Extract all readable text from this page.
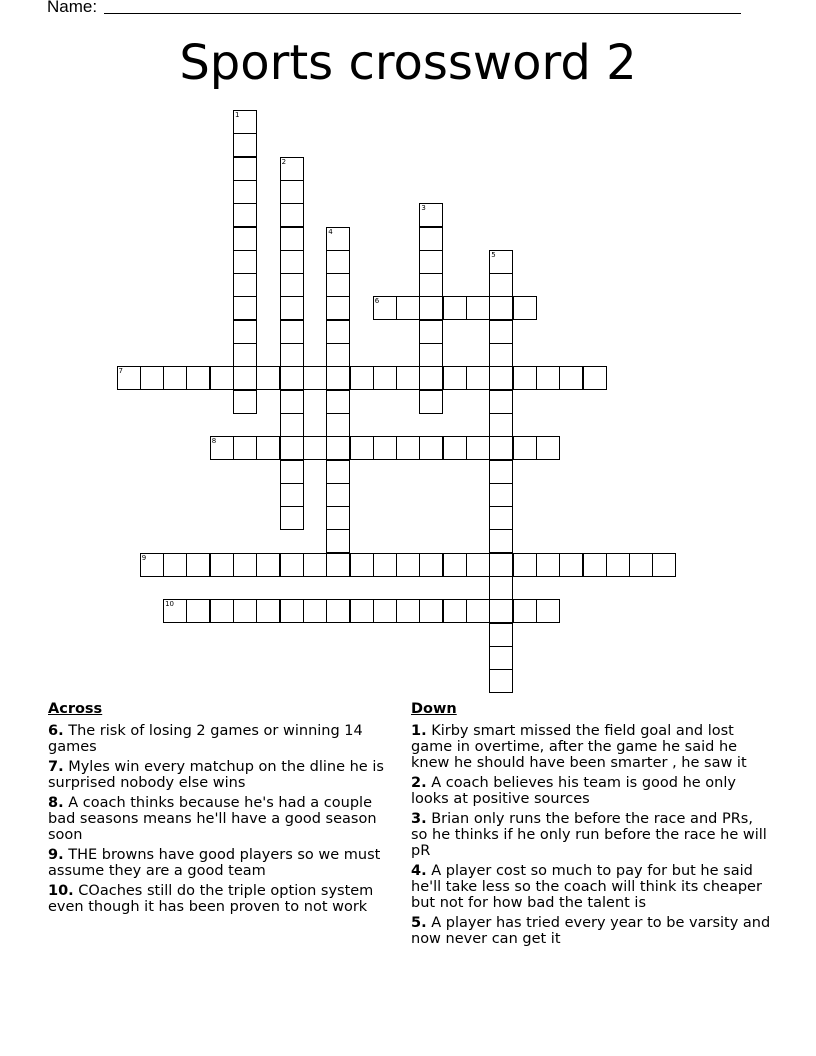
Name:
Sports crossword 2
1
2
3
4
5
6
7
8
9
10
Across
6. The risk of losing 2 games or winning 14 games
7. Myles win every matchup on the dline he is surprised nobody else wins
8. A coach thinks because he's had a couple bad seasons means he'll have a good season soon
9. THE browns have good players so we must assume they are a good team
10. COaches still do the triple option system even though it has been proven to not work
Down
1. Kirby smart missed the field goal and lost game in overtime, after the game he said he knew he should have been smarter , he saw it
2. A coach believes his team is good he only looks at positive sources
3. Brian only runs the before the race and PRs, so he thinks if he only run before the race he will pR
4. A player cost so much to pay for but he said he'll take less so the coach will think its cheaper but not for how bad the talent is
5. A player has tried every year to be varsity and now never can get it
